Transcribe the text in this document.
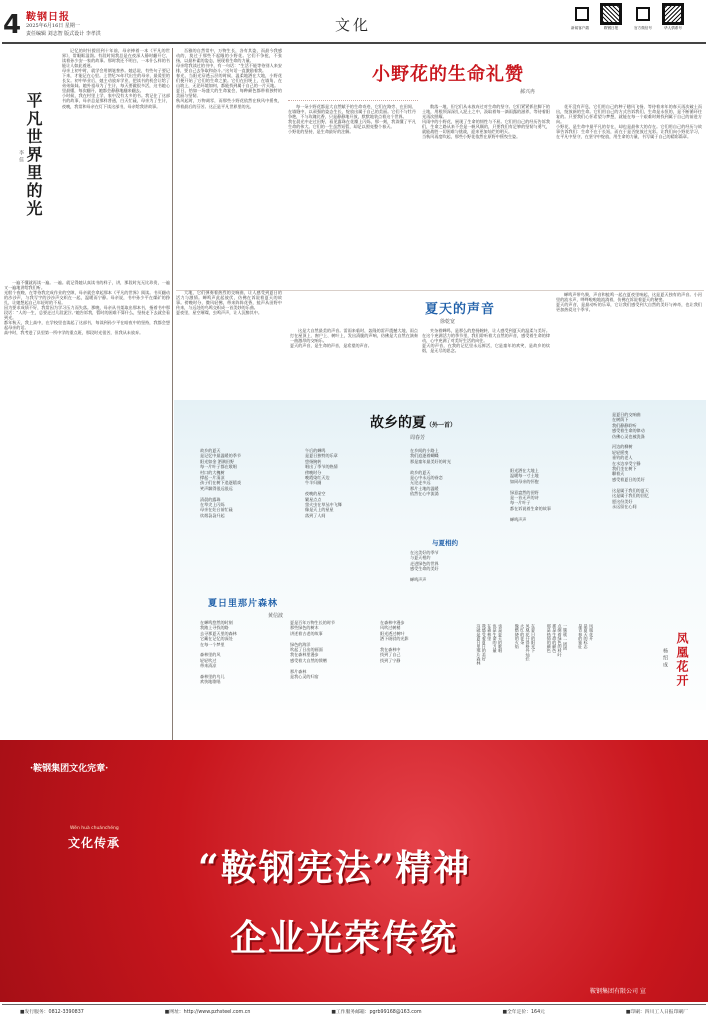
4 鞍钢日报
2025年6月16日 星期一
责任编辑 刘志智 版式设计 李孝洪	文化	新闻客户端	鞍钢日报	官方微信号	华人情系号
平凡世界里的光
李佳
记忆的时针拨回到十年前，母亲捧着一本《平凡的世界》，常眼眶湿润。有段时间我总是在夜深人静时翻开它，读着孙少安一家的故事。那时我还不明白，一本什么样的书能让人如此着迷。
母亲上初中时，就学会用钢笔誊抄。她总说，有些句子要记下来，才能记在心里。上世纪70年代出生的母亲，最爱里的长女。初中毕业后，她主动放弃学业，把读书的机会让给了弟弟妹妹。她外祖母为了生计，每天要做很多活，这书她心里最懂，每次翻开，她都会静静地翻来翻去。
小时候，我在村里上学，家中没有太多的书。我记住了这部书的故事，母亲总是那样普通，白天忙碌，母亲为了生计，夜晚，我常和母亲在灯下读这部书，母亲给我讲故事。
一遍不懂就再读一遍。一遍。就记得她认真读书的样子，讲，那段时光无比珍贵，一遍又一遍地讲给我们听。
光般个夜晚，在等待我完成作业的空隙，母亲就会拿起那本《平凡的世界》阅读。书页翻动的沙沙声，与我写字的沙沙声交织在一起，温暖而宁静。母亲说，书中孙少平在煤矿的挣扎，让她想起自己年轻时的不易。
因为要求成绩不好，我常因为学习压力而失落。那晚，母亲从书架取出那本书，指着书中那段话：“人的一生，总要走过几段泥泞。”她告诉我，暂时的困难不算什么，坚持走下去就会看到光。
都年秋天，我上高中，在学校里也读起了这部书，每读到孙少平在暗夜中的坚持，我都会想起母亲的话。
高中时，我考进了县里第一所中学的重点班，那段时光很苦，但我从未放弃。
吾雅的自然常中，万物生长，各有其姿，而最今我感动的，莫过于那些不起眼的小野花。它们不争抢，不张扬，以最朴素的姿态，展现着生命的力量。
母亲给我读过的书中，有一句话：“生活不能等待别人来安排，要自己去争取和奋斗。”这句话一直激励着我。
春光，当阳光穿透云层的时候，温柔地洒在大地，小野花们便开始了它们的生命之旅。它们在田埂上，在墙角，在山坡上，无论环境如何，都能找到属于自己的一片天地。
夏日，恰如一场盛大的生命宴会，每种颜色都带着独特的美丽与坚韧。
秋风起时，万物凋零，而那些小野花依然在秋风中摇曳，带着最后的芬芳。这正是平凡世界里的光。
小野花的生命礼赞
郝兴冉
每一朵小野花都是大自然赋予的生命奇迹，它们在路旁、在田间、在墙缝中，以顽强的姿态生长，绽放出属于自己的美丽。它们不与牡丹争艳，不与玫瑰比香，只是静静地开放，默默地装点着这个世界。
我在晨光中走过田野，看见露珠在花瓣上闪烁，那一刻，我读懂了平凡生命的伟大。它们的一生虽然短暂，却足以照亮整个春天。
小野花的坚持，是生命最好的注解。
数落一地，但它们从未放弃过对生命的坚守。它们紧紧抓住脚下的土地，用根须深深扎入泥土之中，汲取着每一滴雨露的滋养，等待着阳光再次照耀。
风雨中的小野花，展现了生命的韧性与不屈。它们用自己的经历告诉我们，生命之路从来不会是一帆风顺的，只要我们有足够的坚韧与勇气，就能战胜一切困难与挑战，迎来更加灿烂的明天。
当秋风再度吹起，那些小野花依然在原野中摇曳生姿。
花开没有声息，它们用自己的种子随风飞扬，等待着来年的春天再次破土而出，绽放新的生命。它们用自己的方式告诉我们，生命是永恒的，是不断循环往复的。只要我们心怀希望与梦想，就能在每一个艰难时刻找到属于自己的前进方向。
小野花，是生命中最平凡的存在，却也是最伟大的存在。它们用自己的经历与故事告诉我们：生命不在于长短，而在于是否绽放过光彩。让我们向小野花学习，在平凡中坚守，在坚守中绽放，用生命的力量，书写属于自己的精彩篇章。
夏天的声音
徐乾宽
大地，它们弹奏着热烈的交响曲，让人感受到夏日的活力与激情。蝉鸣声此起彼伏，仿佛在诉说着夏天的故事。傍晚时分，微风轻拂，带来阵阵花香，蛙声从田野中传来，与远处的鸟鸣交织成一首美妙的乐曲。
夏夜里，星空璀璨，虫鸣声声，让人沉醉其中。
这是大自然最美的声音。雷雨来临时，轰隆的雷声震撼大地，雨点打在屋顶上、窗户上、树叶上，发出清脆的声响，仿佛是大自然在演奏一曲激昂的交响乐。
夏天的声音，是生命的声音，是希望的声音。
夹杂着蝉鸣，是那么的悠扬婉转，让人感受到夏天的温柔与美好。在这个充满活力的季节里，我们聆听着大自然的声音，感受着生命的律动，心中充满了对美好生活的向往。
夏天的声音，在我的记忆里永远鲜活，它是童年的欢笑，是故乡的炊烟，是无尽的思念。
蝉鸣声带鸟聚，声音和蛙鸣一起在夏夜里响起，这是夏天独有的声音。小河里的流水声，哗哗啦啦地流淌着，仿佛在诉说着夏天的秘密。
夏天的声音，是最动听的乐章，它让我们感受到大自然的美好与神奇，也让我们更加热爱这个季节。
故乡的夏（外一首）
周春芳
故乡的夏天
是记忆中最温暖的季节
阳光如金 洒满田野
每一片叶子都在歌唱
村口的大槐树
撑起一片清凉
孩子们在树下追逐嬉戏
笑声飘得很远很远

清晨的露珠
在草尖上闪烁
母亲在灶台前忙碌
炊烟袅袅升起
午后的蝉鸣
是夏日独特的乐章
悠扬婉转
唱出了季节的热情
傍晚时分
晚霞染红天边
牛羊归圈

夜晚的星空
繁星点点
萤火虫在草丛中飞舞
像是天上的星星
落到了人间
在乡间的小路上
我们追逐着蝴蝶
那是童年最美好的时光

故乡的夏天
是心中永远的眷恋
无论走多远
那片土地的温暖
依然在心中流淌
与夏相约
在这美好的季节
与夏天相约
走进绿色的世界
感受生命的美好

蝉鸣声声
阳光洒在大地上
温暖每一寸土地
如同母亲的怀抱

绿意盎然的田野
是一首无声的诗
每一片叶子
都在诉说着生命的故事

蝉鸣声声
是夏日的交响曲
在树荫下
我们静静聆听
感受着生命的律动
仿佛心灵也被洗涤

河边的柳树
轻轻摇曳
垂钓的老人
在水边享受宁静
我们坐在树下
聊着天
感受着夏日的美好

这是属于我们的夏天
这是属于我们的回忆
愿这份美好
永远留在心间
夏日里那片森林
黄信波
在蝉鸣悠然的时刻
我踏上寻找的路
去寻那夏天里的森林
它藏在记忆的深处
在每一个梦里

森林里的风
轻轻吹过
带来清凉

森林里的鸟儿
欢快地歌唱
夏是百年万物生长的时节
那些绿色的树木
讲述着古老的故事

绿色的海洋
吹起了日出的画面
我在森林里漫步
感受着大自然的馈赠

那片森林
是我心灵的归宿
在森林中漫步
风吹过树梢
阳光透过树叶
洒下斑驳的光影

我在森林中
找到了自己
找到了宁静
也是夏天的歌唱
也是生命的力量
在森林里
我感受着夏日的美好
这就是夏日里那片森林	在夏日的阳光下
凤凰花开得格外灿烂
火红的花朵
像燃烧的火焰	一簇簇 一团团
点缀着绿色的枝叶
那是生命的颜色
那是热情的颜色	凤凰花开
是夏天的标志
是青春的象征	凤凰花开
杨绍成
·鞍钢集团文化完章·
Wén huà chuánchéng
文化传承
“鞍钢宪法”精神
企业光荣传统
鞍钢集团有限公司 宣
■发行服务：0812-3390837	■网址：http://www.pzhsteel.com.cn	■工作服务邮箱：pgrb99168@163.com	■全年定价：164元	■印刷：四川工人日报印刷厂
